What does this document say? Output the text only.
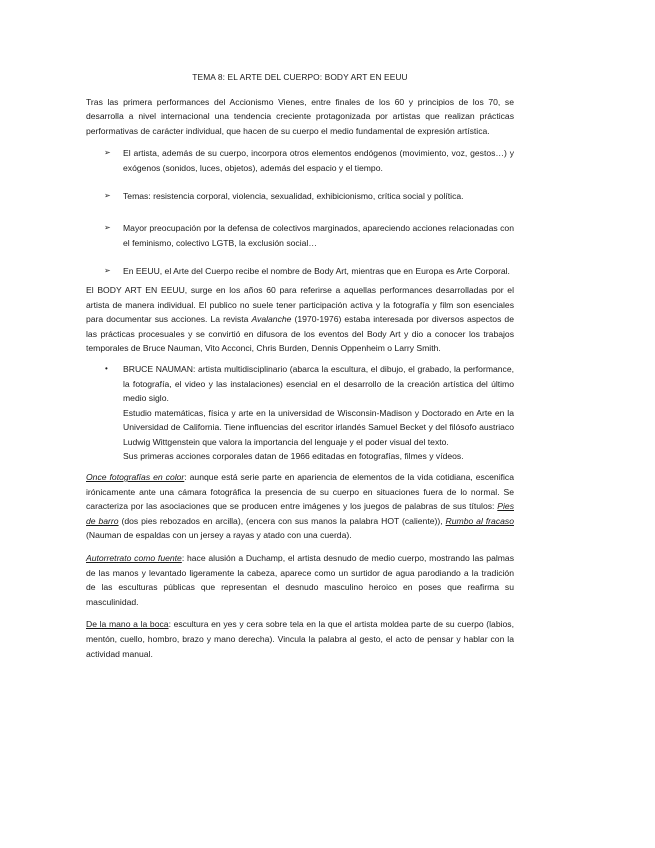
TEMA 8: EL ARTE DEL CUERPO: BODY ART EN EEUU

Tras las primera performances del Accionismo Vienes, entre finales de los 60 y principios de los 70, se desarrolla a nivel internacional una tendencia creciente protagonizada por artistas que realizan prácticas performativas de carácter individual, que hacen de su cuerpo el medio fundamental de expresión artística.

➢ El artista, además de su cuerpo, incorpora otros elementos endógenos (movimiento, voz, gestos…) y exógenos (sonidos, luces, objetos), además del espacio y el tiempo.
➢ Temas: resistencia corporal, violencia, sexualidad, exhibicionismo, crítica social y política.
➢ Mayor preocupación por la defensa de colectivos marginados, apareciendo acciones relacionadas con el feminismo, colectivo LGTB, la exclusión social…
➢ En EEUU, el Arte del Cuerpo recibe el nombre de Body Art, mientras que en Europa es Arte Corporal.

El BODY ART EN EEUU, surge en los años 60 para referirse a aquellas performances desarrolladas por el artista de manera individual. El publico no suele tener participación activa y la fotografía y film son esenciales para documentar sus acciones. La revista Avalanche (1970-1976) estaba interesada por diversos aspectos de las prácticas procesuales y se convirtió en difusora de los eventos del Body Art y dio a conocer los trabajos temporales de Bruce Nauman, Vito Acconci, Chris Burden, Dennis Oppenheim o Larry Smith.

• BRUCE NAUMAN: artista multidisciplinario (abarca la escultura, el dibujo, el grabado, la performance, la fotografía, el video y las instalaciones) esencial en el desarrollo de la creación artística del último medio siglo.

Estudio matemáticas, física y arte en la universidad de Wisconsin-Madison y Doctorado en Arte en la Universidad de California. Tiene influencias del escritor irlandés Samuel Becket y del filósofo austriaco Ludwig Wittgenstein que valora la importancia del lenguaje y el poder visual del texto.

Sus primeras acciones corporales datan de 1966 editadas en fotografías, filmes y vídeos.

Once fotografías en color: aunque está serie parte en apariencia de elementos de la vida cotidiana, escenifica irónicamente ante una cámara fotográfica la presencia de su cuerpo en situaciones fuera de lo normal. Se caracteriza por las asociaciones que se producen entre imágenes y los juegos de palabras de sus títulos: Pies de barro (dos pies rebozados en arcilla), (encera con sus manos la palabra HOT (caliente)), Rumbo al fracaso (Nauman de espaldas con un jersey a rayas y atado con una cuerda).

Autorretrato como fuente: hace alusión a Duchamp, el artista desnudo de medio cuerpo, mostrando las palmas de las manos y levantado ligeramente la cabeza, aparece como un surtidor de agua parodiando a la tradición de las esculturas públicas que representan el desnudo masculino heroico en poses que reafirma su masculinidad.

De la mano a la boca: escultura en yes y cera sobre tela en la que el artista moldea parte de su cuerpo (labios, mentón, cuello, hombro, brazo y mano derecha). Vincula la palabra al gesto, el acto de pensar y hablar con la actividad manual.
